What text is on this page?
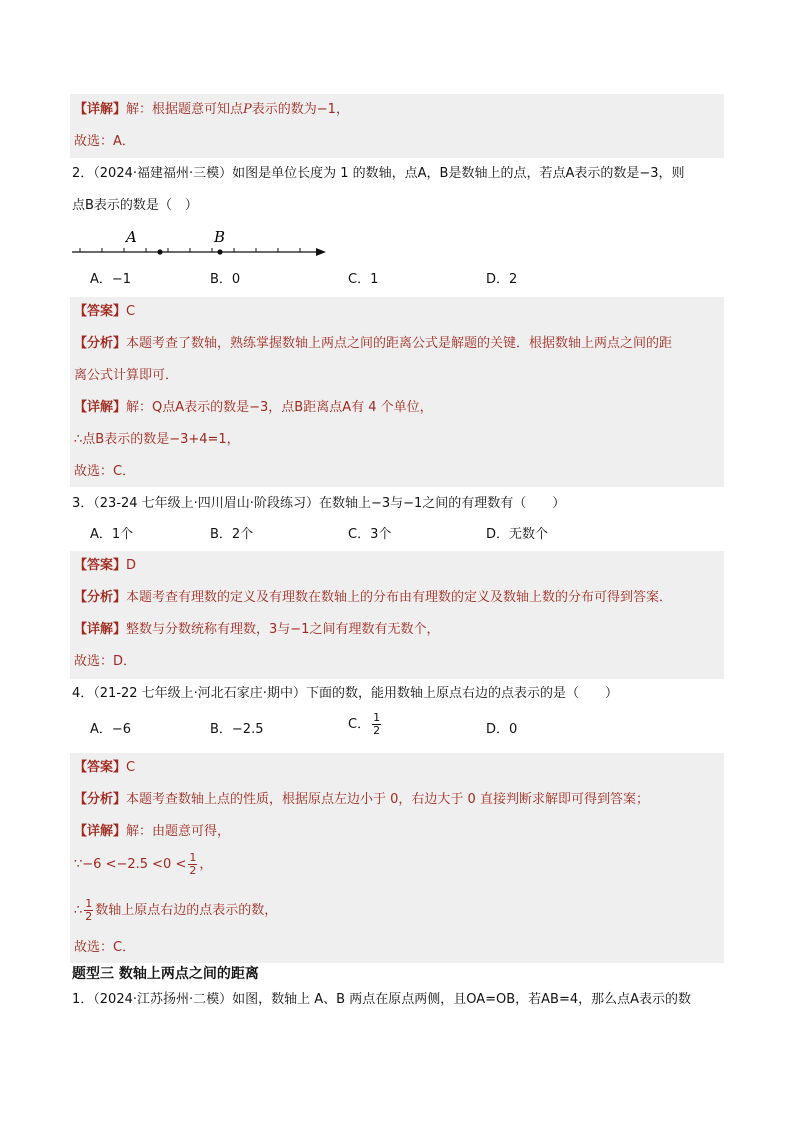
【详解】解：根据题意可知点P表示的数为−1，
故选：A．
2．（2024·福建福州·三模）如图是单位长度为 1 的数轴，点A，B是数轴上的点，若点A表示的数是−3，则
点B表示的数是（　）
A	B
A．−1	B．0	C．1	D．2
【答案】C
【分析】本题考查了数轴，熟练掌握数轴上两点之间的距离公式是解题的关键．根据数轴上两点之间的距
离公式计算即可．
【详解】解：Q点A表示的数是−3，点B距离点A有 4 个单位，
∴点B表示的数是−3+4=1，
故选：C．
3．（23-24 七年级上·四川眉山·阶段练习）在数轴上−3与−1之间的有理数有（　　）
A．1个	B．2个	C．3个	D．无数个
【答案】D
【分析】本题考查有理数的定义及有理数在数轴上的分布由有理数的定义及数轴上数的分布可得到答案．
【详解】整数与分数统称有理数，3与−1之间有理数有无数个，
故选：D．
4．（21-22 七年级上·河北石家庄·期中）下面的数，能用数轴上原点右边的点表示的是（　　）
A．−6	B．−2.5	C． $\frac{1}{2}$	D．0
【答案】C
【分析】本题考查数轴上点的性质，根据原点左边小于 0，右边大于 0 直接判断求解即可得到答案；
【详解】解：由题意可得，
∵−6 $<-2.5 <0 < \frac{1}{2}$ ，
∴ $\frac{1}{2}$ 数轴上原点右边的点表示的数，
故选：C．
题型三 数轴上两点之间的距离
1．（2024·江苏扬州·二模）如图，数轴上 A、B 两点在原点两侧，且OA=OB，若AB=4，那么点A表示的数
